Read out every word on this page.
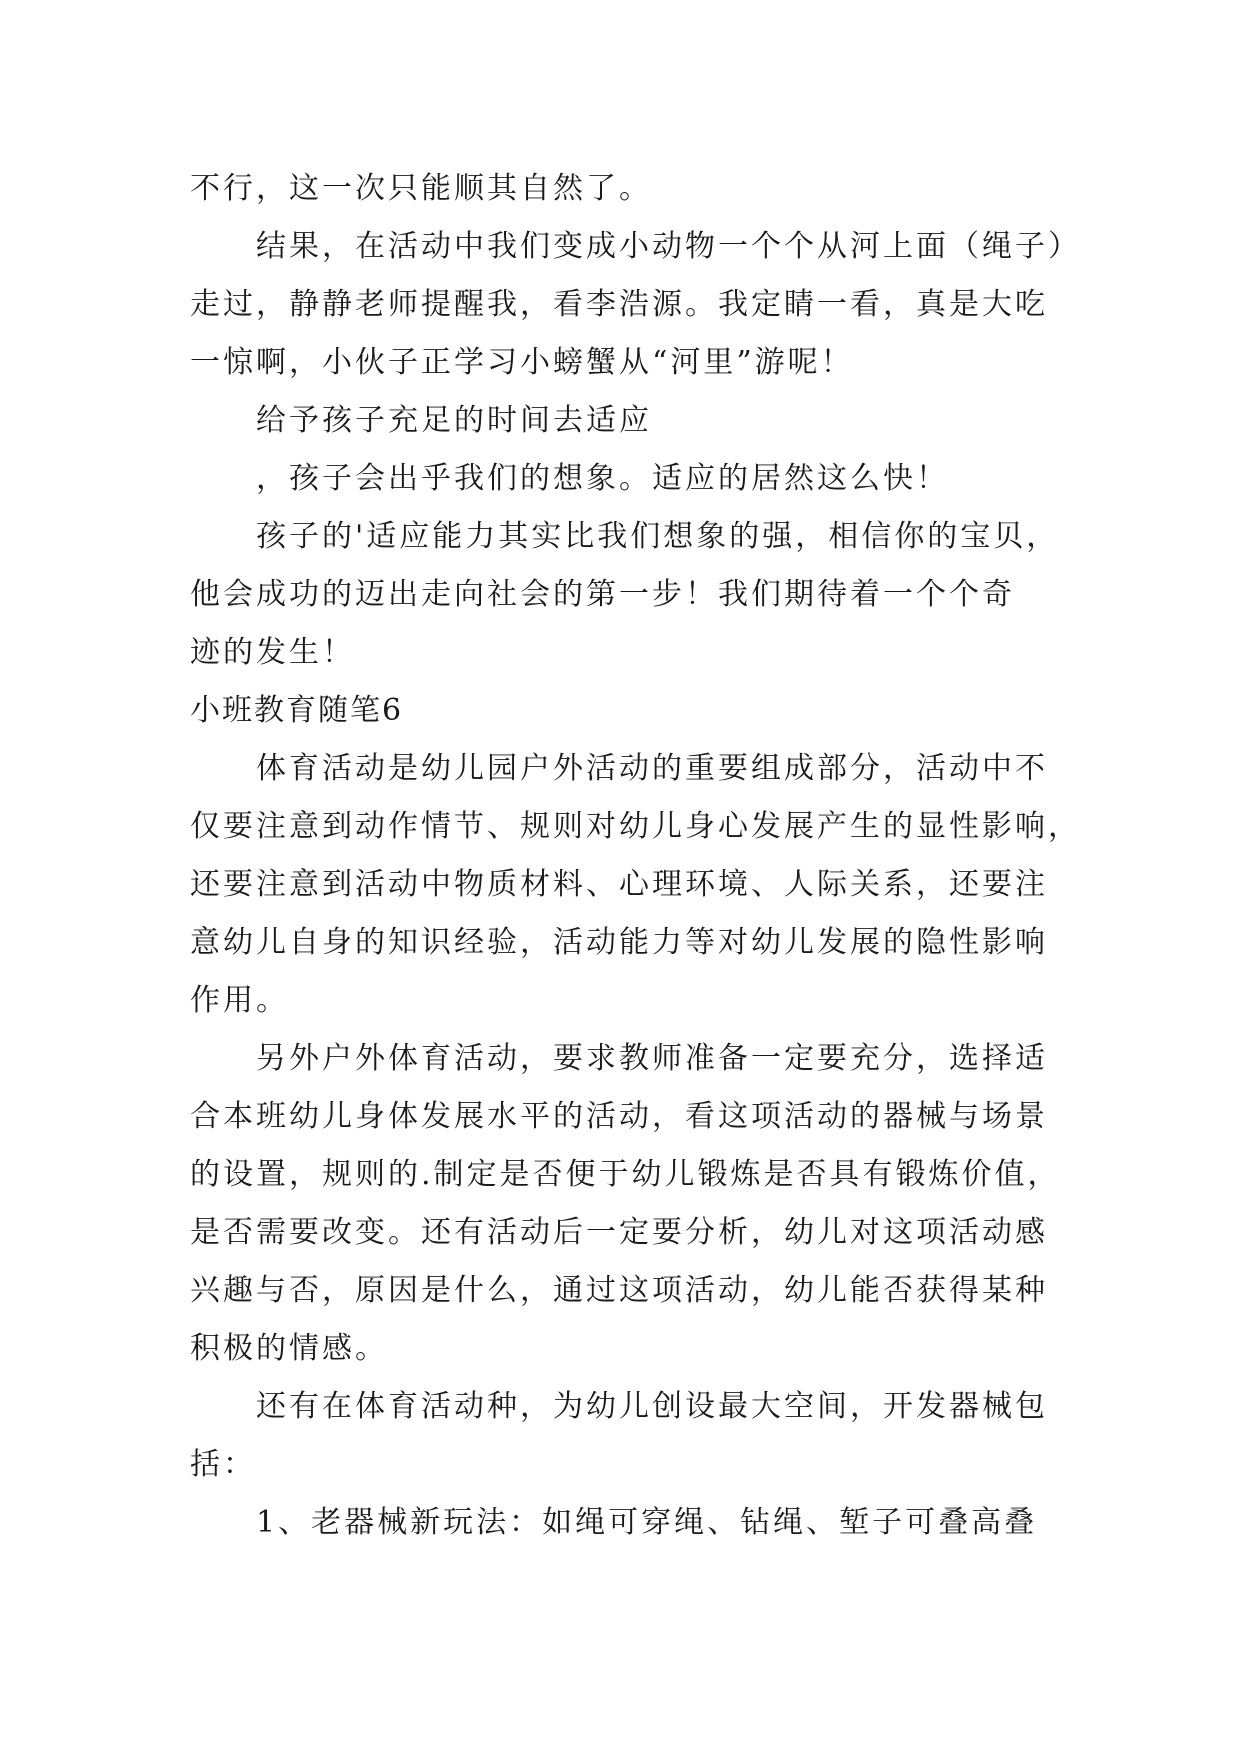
不行，这一次只能顺其自然了。
结果，在活动中我们变成小动物一个个从河上面（绳子）
走过，静静老师提醒我，看李浩源。我定睛一看，真是大吃
一惊啊，小伙子正学习小螃蟹从“河里”游呢！
给予孩子充足的时间去适应
，孩子会出乎我们的想象。适应的居然这么快！
孩子的'适应能力其实比我们想象的强，相信你的宝贝，
他会成功的迈出走向社会的第一步！我们期待着一个个奇
迹的发生！
小班教育随笔6
体育活动是幼儿园户外活动的重要组成部分，活动中不
仅要注意到动作情节、规则对幼儿身心发展产生的显性影响，
还要注意到活动中物质材料、心理环境、人际关系，还要注
意幼儿自身的知识经验，活动能力等对幼儿发展的隐性影响
作用。
另外户外体育活动，要求教师准备一定要充分，选择适
合本班幼儿身体发展水平的活动，看这项活动的器械与场景
的设置，规则的.制定是否便于幼儿锻炼是否具有锻炼价值，
是否需要改变。还有活动后一定要分析，幼儿对这项活动感
兴趣与否，原因是什么，通过这项活动，幼儿能否获得某种
积极的情感。
还有在体育活动种，为幼儿创设最大空间，开发器械包
括：
1、老器械新玩法：如绳可穿绳、钻绳、堑子可叠高叠
